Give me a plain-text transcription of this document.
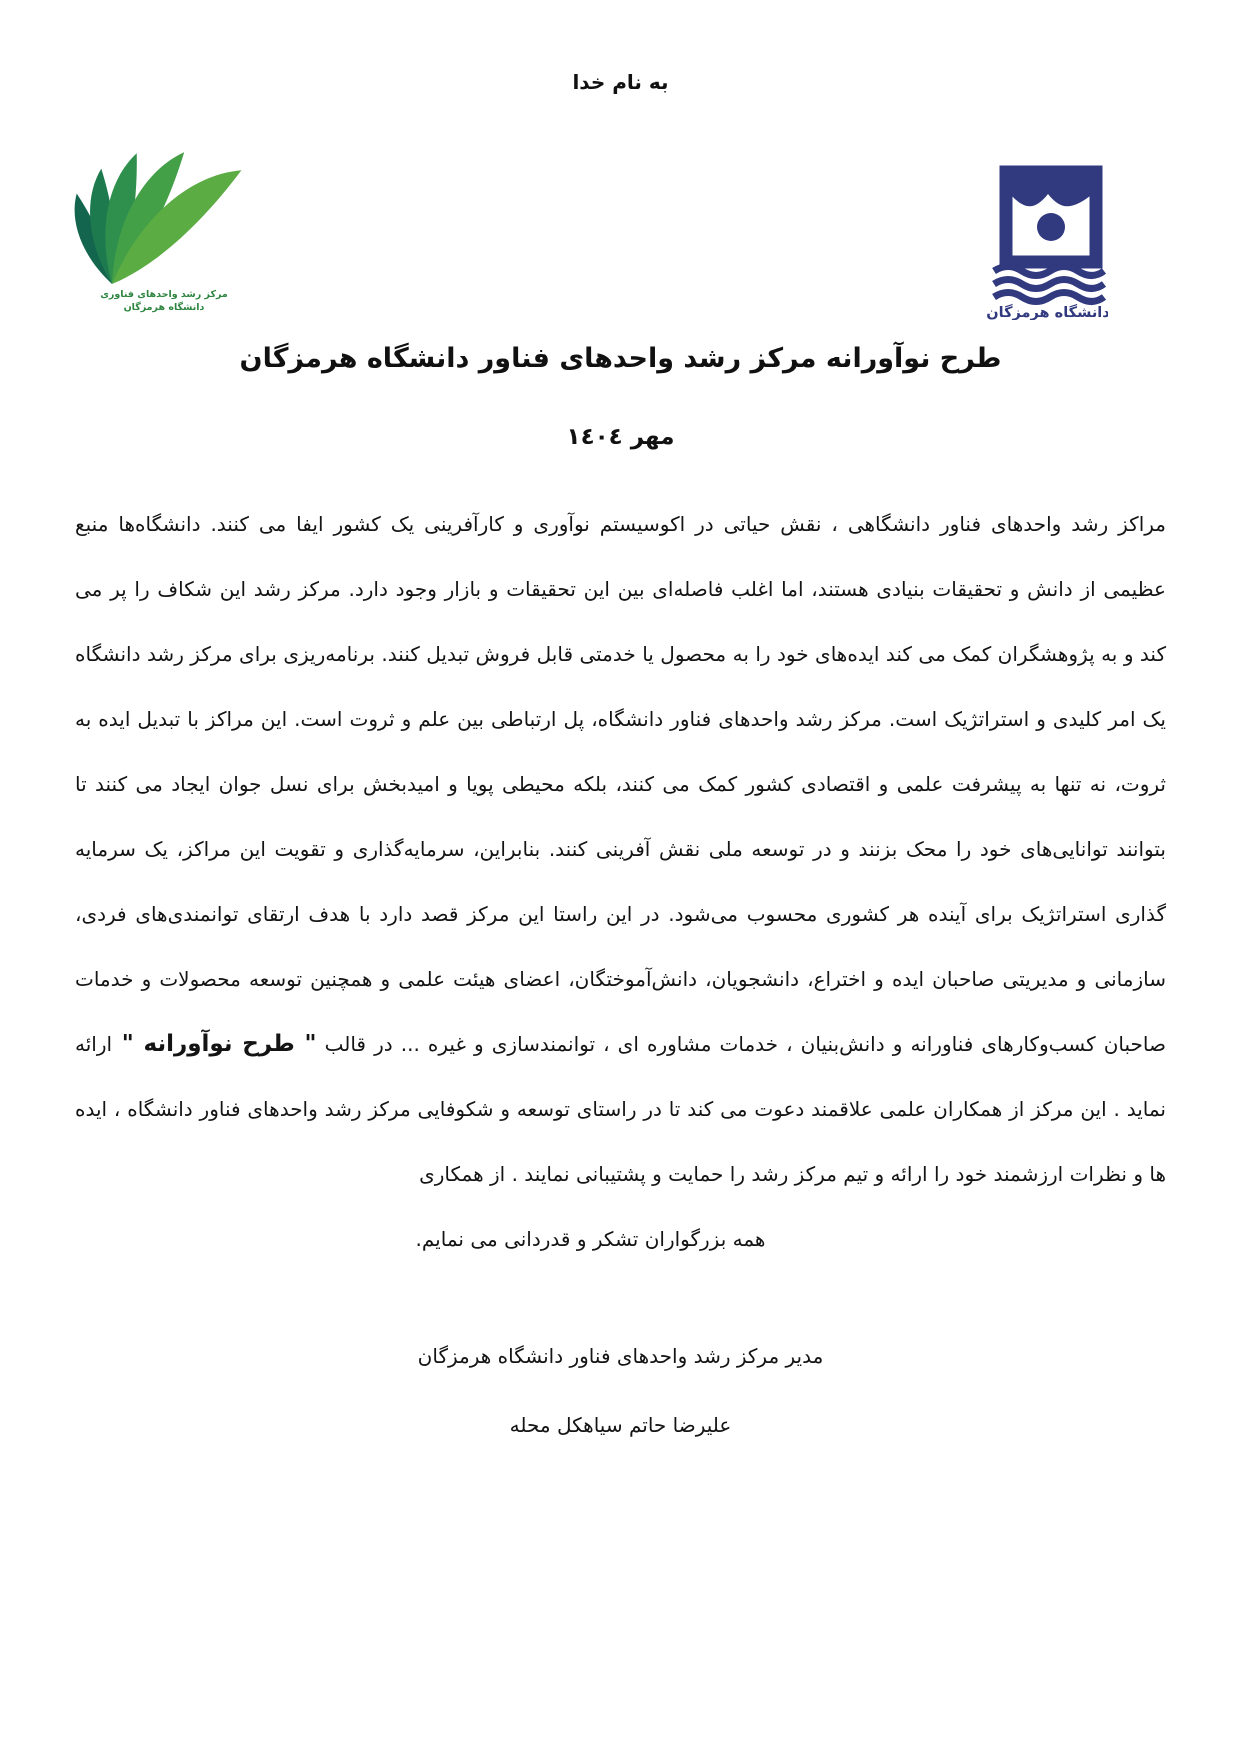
به نام خدا
مرکز رشد واحدهای فناوری
دانشگاه هرمزگان	دانشگاه هرمزگان
طرح نوآورانه مرکز رشد واحدهای فناور دانشگاه هرمزگان
مهر ١٤٠٤

مراکز رشد واحدهای فناور دانشگاهی ، نقش حیاتی در اکوسیستم نوآوری و کارآفرینی یک کشور ایفا می کنند. دانشگاه‌ها منبع عظیمی از دانش و تحقیقات بنیادی هستند، اما اغلب فاصله‌ای بین این تحقیقات و بازار وجود دارد. مرکز رشد این شکاف را پر می کند و به پژوهشگران کمک می کند ایده‌های خود را به محصول یا خدمتی قابل فروش تبدیل کنند. برنامه‌ریزی برای مرکز رشد دانشگاه یک امر کلیدی و استراتژیک است. مرکز رشد واحدهای فناور دانشگاه، پل ارتباطی بین علم و ثروت است. این مراکز با تبدیل ایده به ثروت، نه تنها به پیشرفت علمی و اقتصادی کشور کمک می کنند، بلکه محیطی پویا و امیدبخش برای نسل جوان ایجاد می کنند تا بتوانند توانایی‌های خود را محک بزنند و در توسعه ملی نقش آفرینی کنند. بنابراین، سرمایه‌گذاری و تقویت این مراکز، یک سرمایه گذاری استراتژیک برای آینده هر کشوری محسوب می‌شود. در این راستا این مرکز قصد دارد با هدف ارتقای توانمندی‌های فردی، سازمانی و مدیریتی صاحبان ایده و اختراع، دانشجویان، دانش‌آموختگان، اعضای هیئت علمی و همچنین توسعه محصولات و خدمات صاحبان کسب‌وکارهای فناورانه و دانش‌بنیان ، خدمات مشاوره ای ، توانمندسازی و غیره ... در قالب " طرح نوآورانه " ارائه نماید . این مرکز از همکاران علمی علاقمند دعوت می کند تا در راستای توسعه و شکوفایی مرکز رشد واحدهای فناور دانشگاه ، ایده ها و نظرات ارزشمند خود را ارائه و تیم مرکز رشد را حمایت و پشتیبانی نمایند . از همکاری

همه بزرگواران تشکر و قدردانی می نمایم.
مدیر مرکز رشد واحدهای فناور دانشگاه هرمزگان
علیرضا حاتم سیاهکل محله
